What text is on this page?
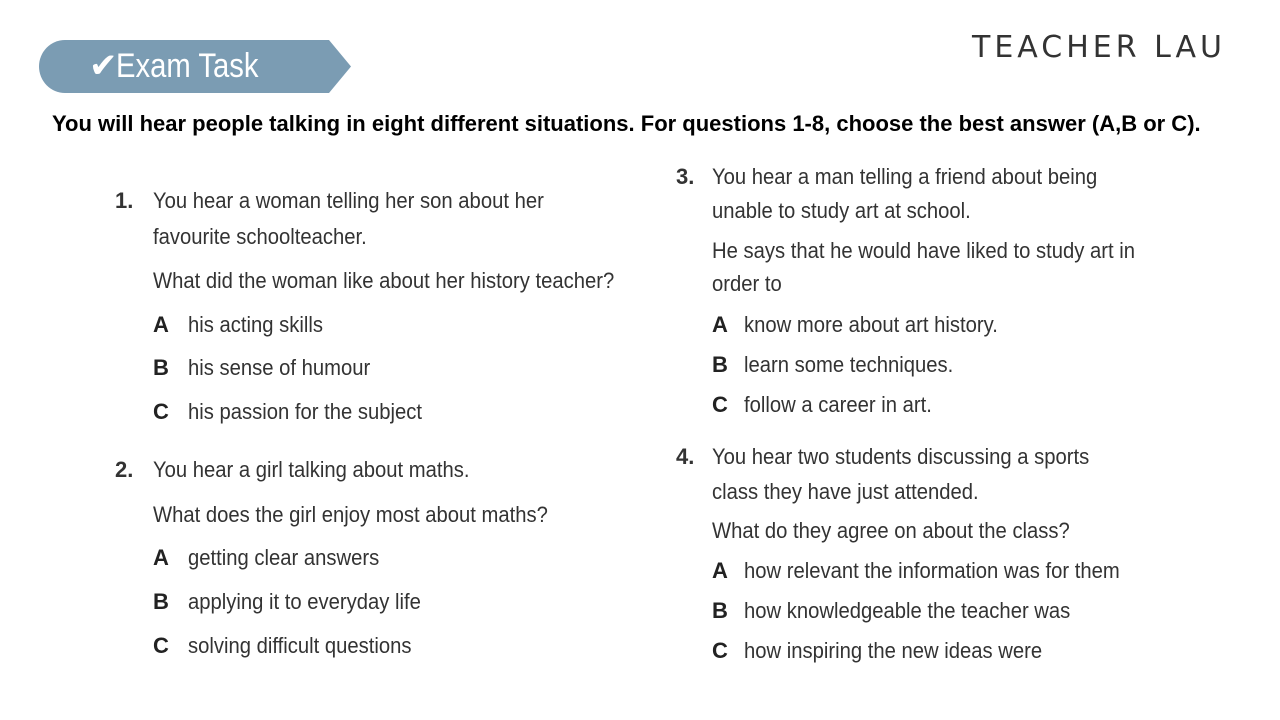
✔
Exam Task	TEACHER LAU
You will hear people talking in eight different situations. For questions 1-8, choose the best answer (A,B or C).
1. You hear a woman telling her son about her
favourite schoolteacher.
What did the woman like about her history teacher?
A his acting skills
B his sense of humour
C his passion for the subject
2. You hear a girl talking about maths.
What does the girl enjoy most about maths?
A getting clear answers
B applying it to everyday life
C solving difficult questions
3. You hear a man telling a friend about being
unable to study art at school.
He says that he would have liked to study art in
order to
A know more about art history.
B learn some techniques.
C follow a career in art.
4. You hear two students discussing a sports
class they have just attended.
What do they agree on about the class?
A how relevant the information was for them
B how knowledgeable the teacher was
C how inspiring the new ideas were
